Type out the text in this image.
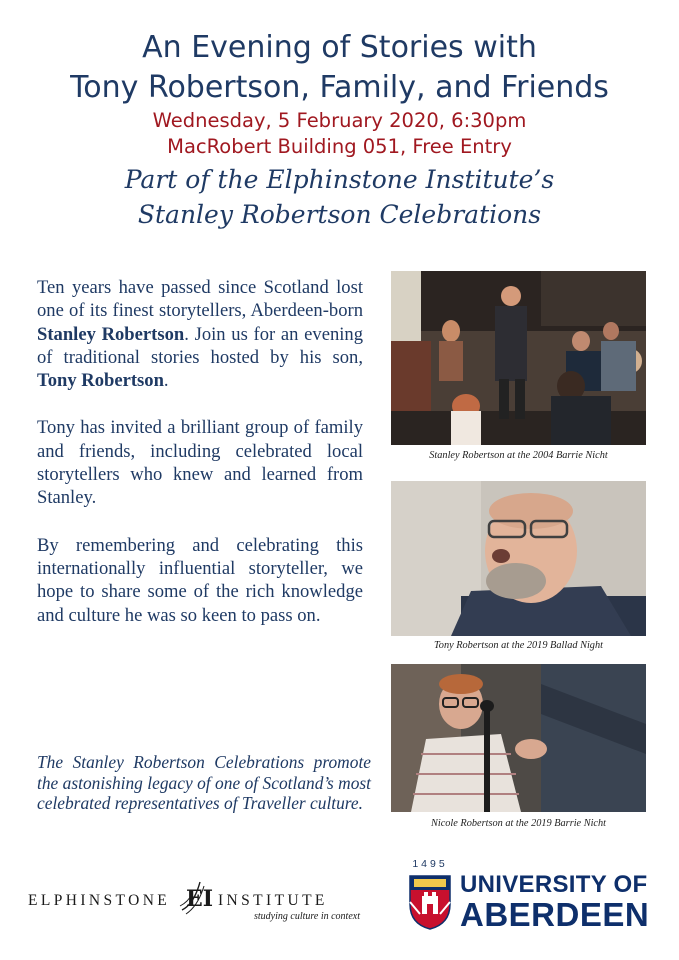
An Evening of Stories with

Tony Robertson, Family, and Friends

Wednesday, 5 February 2020, 6:30pm

MacRobert Building 051, Free Entry

Part of the Elphinstone Institute’s

Stanley Robertson Celebrations

Ten years have passed since Scotland lost one of its finest storytellers, Aberdeen-born Stanley Robertson. Join us for an evening of traditional stories hosted by his son, Tony Robertson.

Tony has invited a brilliant group of family and friends, including celebrated local storytellers who knew and learned from Stanley.

By remembering and celebrating this internationally influential storyteller, we hope to share some of the rich knowledge and culture he was so keen to pass on.

The Stanley Robertson Celebrations promote the astonishing legacy of one of Scotland’s most celebrated representatives of Traveller culture.

Stanley Robertson at the 2004 Barrie Nicht

Tony Robertson at the 2019 Ballad Night

Nicole Robertson at the 2019 Barrie Nicht

ELPHINSTONE EI INSTITUTE
studying culture in context
1495
UNIVERSITY OF
ABERDEEN
